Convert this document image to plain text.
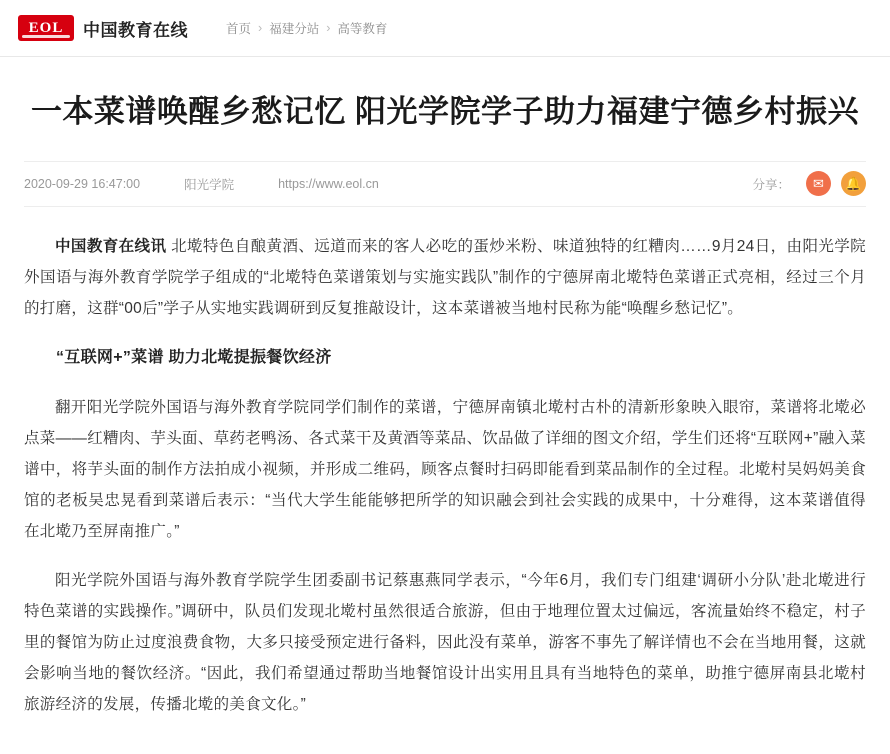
EOL 中国教育在线	首页 › 福建分站 › 高等教育
一本菜谱唤醒乡愁记忆 阳光学院学子助力福建宁德乡村振兴
2020-09-29 16:47:00	阳光学院	https://www.eol.cn	分享：	✉	🔔

中国教育在线讯 北墘特色自酿黄酒、远道而来的客人必吃的蛋炒米粉、味道独特的红糟肉……9月24日，由阳光学院外国语与海外教育学院学子组成的“北墘特色菜谱策划与实施实践队”制作的宁德屏南北墘特色菜谱正式亮相，经过三个月的打磨，这群“00后”学子从实地实践调研到反复推敲设计，这本菜谱被当地村民称为能“唤醒乡愁记忆”。

“互联网+”菜谱 助力北墘提振餐饮经济

翻开阳光学院外国语与海外教育学院同学们制作的菜谱，宁德屏南镇北墘村古朴的清新形象映入眼帘，菜谱将北墘必点菜——红糟肉、芋头面、草药老鸭汤、各式菜干及黄酒等菜品、饮品做了详细的图文介绍，学生们还将“互联网+”融入菜谱中，将芋头面的制作方法拍成小视频，并形成二维码，顾客点餐时扫码即能看到菜品制作的全过程。北墘村吴妈妈美食馆的老板吴忠晃看到菜谱后表示：“当代大学生能能够把所学的知识融会到社会实践的成果中，十分难得，这本菜谱值得在北墘乃至屏南推广。”

阳光学院外国语与海外教育学院学生团委副书记蔡惠燕同学表示，“今年6月，我们专门组建‘调研小分队’赴北墘进行特色菜谱的实践操作。”调研中，队员们发现北墘村虽然很适合旅游，但由于地理位置太过偏远，客流量始终不稳定，村子里的餐馆为防止过度浪费食物，大多只接受预定进行备料，因此没有菜单，游客不事先了解详情也不会在当地用餐，这就会影响当地的餐饮经济。“因此，我们希望通过帮助当地餐馆设计出实用且具有当地特色的菜单，助推宁德屏南县北墘村旅游经济的发展，传播北墘的美食文化。”
